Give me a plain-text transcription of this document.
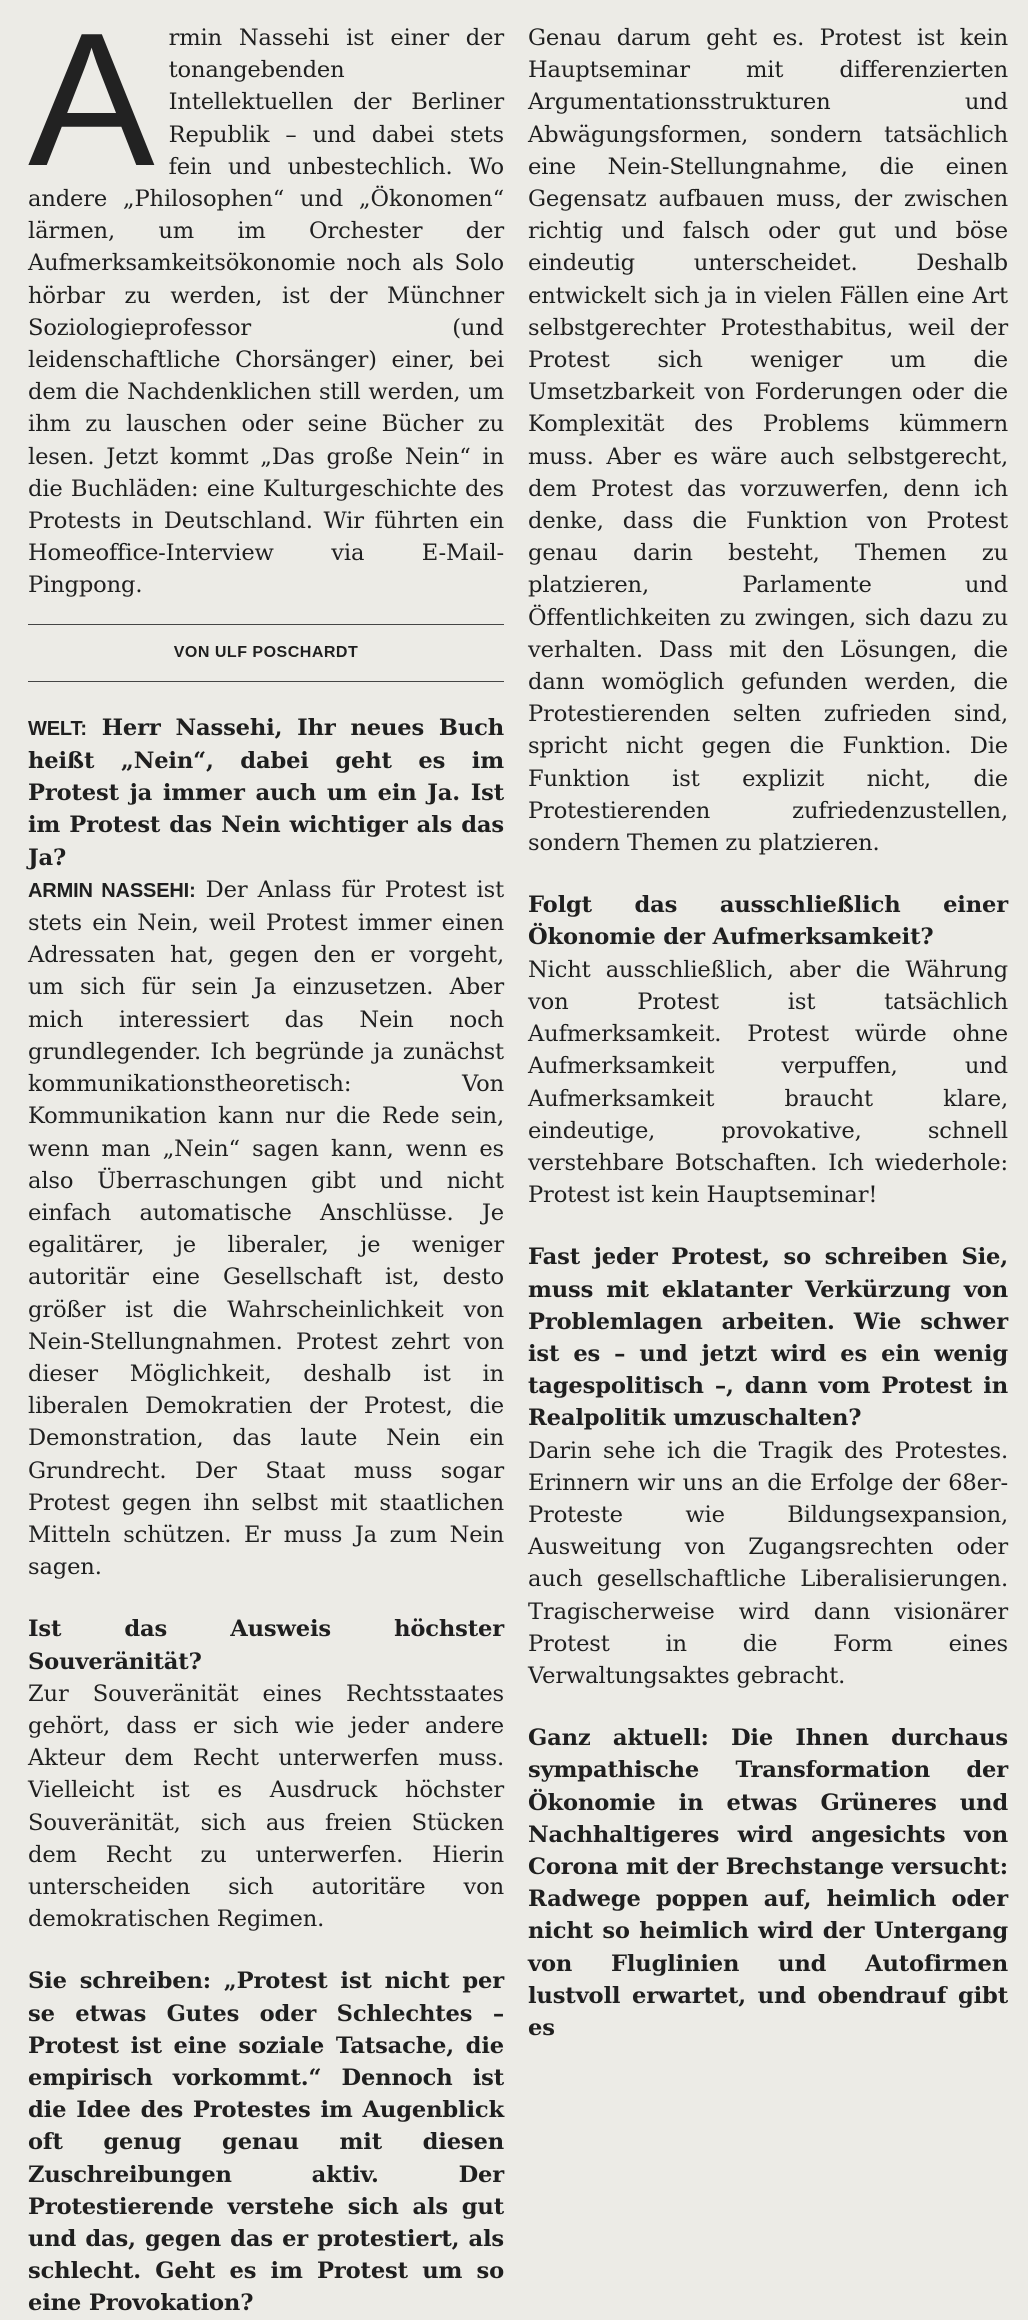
A rmin Nassehi ist einer der tonangebenden Intellektuellen der Berliner Republik – und dabei stets fein und unbestechlich. Wo andere „Philosophen“ und „Ökonomen“ lärmen, um im Orchester der Aufmerksamkeitsökonomie noch als Solo hörbar zu werden, ist der Münchner Soziologieprofessor (und leidenschaftliche Chorsänger) einer, bei dem die Nachdenklichen still werden, um ihm zu lauschen oder seine Bücher zu lesen. Jetzt kommt „Das große Nein“ in die Buchläden: eine Kulturgeschichte des Protests in Deutschland. Wir führten ein Homeoffice-Interview via E-Mail-Pingpong.

VON ULF POSCHARDT

WELT: Herr Nassehi, Ihr neues Buch heißt „Nein“, dabei geht es im Protest ja immer auch um ein Ja. Ist im Protest das Nein wichtiger als das Ja?

ARMIN NASSEHI: Der Anlass für Protest ist stets ein Nein, weil Protest immer einen Adressaten hat, gegen den er vorgeht, um sich für sein Ja einzusetzen. Aber mich interessiert das Nein noch grundlegender. Ich begründe ja zunächst kommunikationstheoretisch: Von Kommunikation kann nur die Rede sein, wenn man „Nein“ sagen kann, wenn es also Überraschungen gibt und nicht einfach automatische Anschlüsse. Je egalitärer, je liberaler, je weniger autoritär eine Gesellschaft ist, desto größer ist die Wahrscheinlichkeit von Nein-Stellungnahmen. Protest zehrt von dieser Möglichkeit, deshalb ist in liberalen Demokratien der Protest, die Demonstration, das laute Nein ein Grundrecht. Der Staat muss sogar Protest gegen ihn selbst mit staatlichen Mitteln schützen. Er muss Ja zum Nein sagen.

Ist das Ausweis höchster Souveränität?

Zur Souveränität eines Rechtsstaates gehört, dass er sich wie jeder andere Akteur dem Recht unterwerfen muss. Vielleicht ist es Ausdruck höchster Souveränität, sich aus freien Stücken dem Recht zu unterwerfen. Hierin unterscheiden sich autoritäre von demokratischen Regimen.

Sie schreiben: „Protest ist nicht per se etwas Gutes oder Schlechtes – Protest ist eine soziale Tatsache, die empirisch vorkommt.“ Dennoch ist die Idee des Protestes im Augenblick oft genug genau mit diesen Zuschreibungen aktiv. Der Protestierende verstehe sich als gut und das, gegen das er protestiert, als schlecht. Geht es im Protest um so eine Provokation?

Genau darum geht es. Protest ist kein Hauptseminar mit differenzierten Argumentationsstrukturen und Abwägungsformen, sondern tatsächlich eine Nein-Stellungnahme, die einen Gegensatz aufbauen muss, der zwischen richtig und falsch oder gut und böse eindeutig unterscheidet. Deshalb entwickelt sich ja in vielen Fällen eine Art selbstgerechter Protesthabitus, weil der Protest sich weniger um die Umsetzbarkeit von Forderungen oder die Komplexität des Problems kümmern muss. Aber es wäre auch selbstgerecht, dem Protest das vorzuwerfen, denn ich denke, dass die Funktion von Protest genau darin besteht, Themen zu platzieren, Parlamente und Öffentlichkeiten zu zwingen, sich dazu zu verhalten. Dass mit den Lösungen, die dann womöglich gefunden werden, die Protestierenden selten zufrieden sind, spricht nicht gegen die Funktion. Die Funktion ist explizit nicht, die Protestierenden zufriedenzustellen, sondern Themen zu platzieren.

Folgt das ausschließlich einer Ökonomie der Aufmerksamkeit?

Nicht ausschließlich, aber die Währung von Protest ist tatsächlich Aufmerksamkeit. Protest würde ohne Aufmerksamkeit verpuffen, und Aufmerksamkeit braucht klare, eindeutige, provokative, schnell verstehbare Botschaften. Ich wiederhole: Protest ist kein Hauptseminar!

Fast jeder Protest, so schreiben Sie, muss mit eklatanter Verkürzung von Problemlagen arbeiten. Wie schwer ist es – und jetzt wird es ein wenig tagespolitisch –, dann vom Protest in Realpolitik umzuschalten?

Darin sehe ich die Tragik des Protestes. Erinnern wir uns an die Erfolge der 68er-Proteste wie Bildungsexpansion, Ausweitung von Zugangsrechten oder auch gesellschaftliche Liberalisierungen. Tragischerweise wird dann visionärer Protest in die Form eines Verwaltungsaktes gebracht.

Ganz aktuell: Die Ihnen durchaus sympathische Transformation der Ökonomie in etwas Grüneres und Nachhaltigeres wird angesichts von Corona mit der Brechstange versucht: Radwege poppen auf, heimlich oder nicht so heimlich wird der Untergang von Fluglinien und Autofirmen lustvoll erwartet, und obendrauf gibt es
